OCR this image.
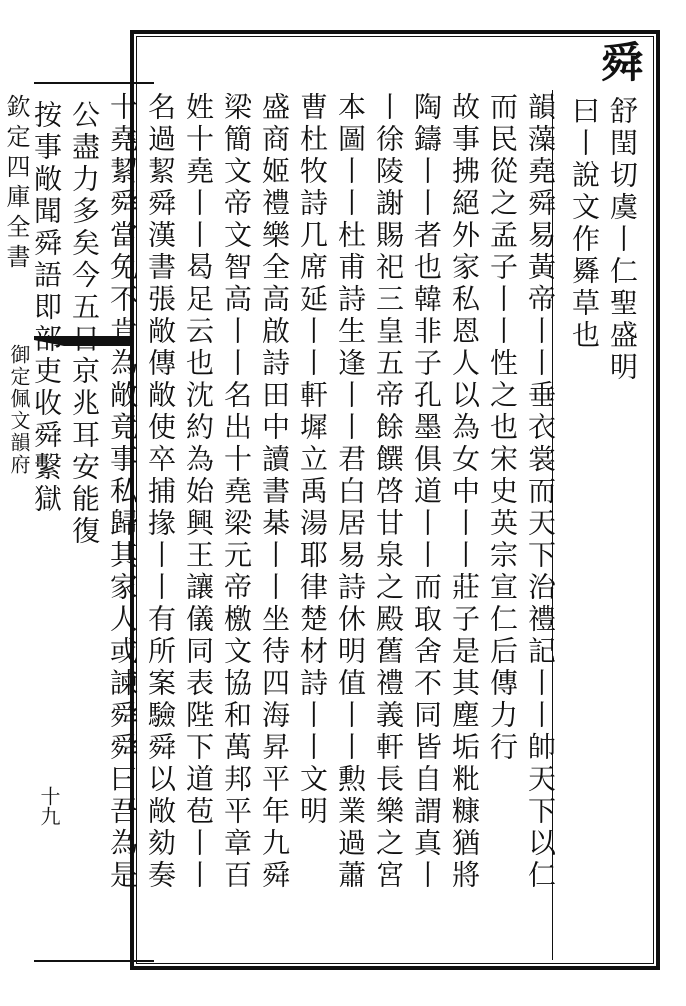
欽定四庫全書
御定佩文韻府
十九
舜
舒閏切虞丨仁聖盛明
曰丨說文作䑞草也
韻藻堯舜易黃帝丨丨垂衣裳而天下治禮記丨丨帥天下以仁
而民從之孟子丨丨性之也宋史英宗宣仁后傳力行
故事拂絕外家私恩人以為女中丨丨莊子是其塵垢粃糠猶將
陶鑄丨丨者也韓非子孔墨俱道丨丨而取舍不同皆自謂真丨
丨徐陵謝賜祀三皇五帝餘饌啓甘泉之殿舊禮義軒長樂之宮
本圖丨丨杜甫詩生逢丨丨君白居易詩休明值丨丨勲業過蕭
曹杜牧詩几席延丨丨軒墀立禹湯耶律楚材詩丨丨文明
盛商姬禮樂全高啟詩田中讀書棊丨丨坐待四海昇平年九舜
梁簡文帝文智高丨丨名出十堯梁元帝檄文協和萬邦平章百
姓十堯丨丨曷足云也沈約為始興王讓儀同表陛下道苞丨丨
名過絜舜漢書張敞傳敞使卒捕掾丨丨有所案驗舜以敞劾奏
十堯絜舜當免不肯為敞竟事私歸其家人或諫舜舜曰吾為是
公盡力多矣今五日京兆耳安能復
按事敞聞舜語即部吏收舜繫獄
